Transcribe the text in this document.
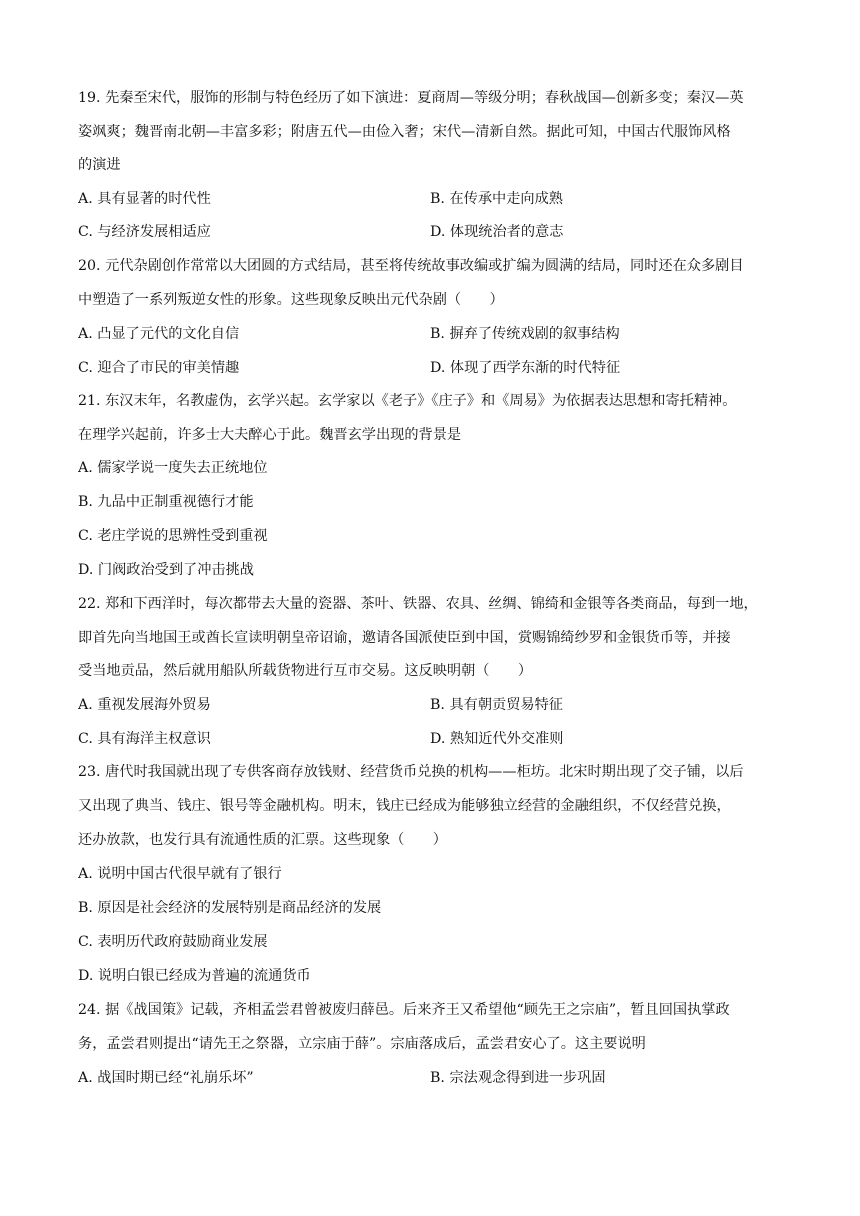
19. 先秦至宋代，服饰的形制与特色经历了如下演进：夏商周—等级分明；春秋战国—创新多变；秦汉—英
姿飒爽；魏晋南北朝—丰富多彩；附唐五代—由俭入奢；宋代—清新自然。据此可知，中国古代服饰风格
的演进
A. 具有显著的时代性	B. 在传承中走向成熟
C. 与经济发展相适应	D. 体现统治者的意志
20. 元代杂剧创作常常以大团圆的方式结局，甚至将传统故事改编或扩编为圆满的结局，同时还在众多剧目
中塑造了一系列叛逆女性的形象。这些现象反映出元代杂剧（　　）
A. 凸显了元代的文化自信	B. 摒弃了传统戏剧的叙事结构
C. 迎合了市民的审美情趣	D. 体现了西学东渐的时代特征
21. 东汉末年，名教虚伪，玄学兴起。玄学家以《老子》《庄子》和《周易》为依据表达思想和寄托精神。
在理学兴起前，许多士大夫醉心于此。魏晋玄学出现的背景是
A. 儒家学说一度失去正统地位
B. 九品中正制重视德行才能
C. 老庄学说的思辨性受到重视
D. 门阀政治受到了冲击挑战
22. 郑和下西洋时，每次都带去大量的瓷器、茶叶、铁器、农具、丝绸、锦绮和金银等各类商品，每到一地，
即首先向当地国王或酋长宣读明朝皇帝诏谕，邀请各国派使臣到中国，赏赐锦绮纱罗和金银货币等，并接
受当地贡品，然后就用船队所载货物进行互市交易。这反映明朝（　　）
A. 重视发展海外贸易	B. 具有朝贡贸易特征
C. 具有海洋主权意识	D. 熟知近代外交准则
23. 唐代时我国就出现了专供客商存放钱财、经营货币兑换的机构——柜坊。北宋时期出现了交子铺，以后
又出现了典当、钱庄、银号等金融机构。明末，钱庄已经成为能够独立经营的金融组织，不仅经营兑换，
还办放款，也发行具有流通性质的汇票。这些现象（　　）
A. 说明中国古代很早就有了银行
B. 原因是社会经济的发展特别是商品经济的发展
C. 表明历代政府鼓励商业发展
D. 说明白银已经成为普遍的流通货币
24. 据《战国策》记载，齐相孟尝君曾被废归薛邑。后来齐王又希望他“顾先王之宗庙”，暂且回国执掌政
务，孟尝君则提出“请先王之祭器，立宗庙于薛”。宗庙落成后，孟尝君安心了。这主要说明
A. 战国时期已经“礼崩乐坏”	B. 宗法观念得到进一步巩固
